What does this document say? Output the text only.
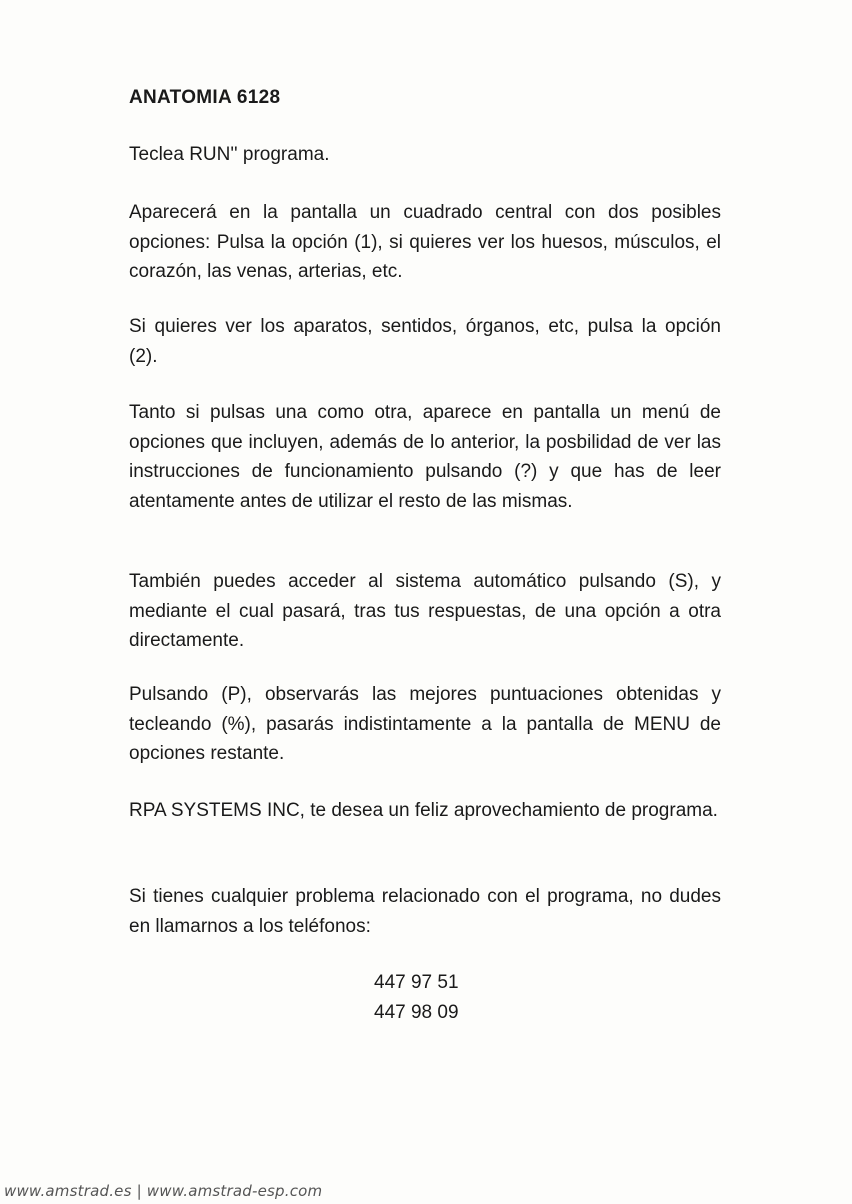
ANATOMIA 6128

Teclea RUN'' programa.

Aparecerá en la pantalla un cuadrado central con dos posibles opciones: Pulsa la opción (1), si quieres ver los huesos, músculos, el corazón, las venas, arterias, etc.

Si quieres ver los aparatos, sentidos, órganos, etc, pulsa la opción (2).

Tanto si pulsas una como otra, aparece en pantalla un menú de opciones que incluyen, además de lo anterior, la posbilidad de ver las instrucciones de funcionamiento pulsando (?) y que has de leer atentamente antes de utilizar el resto de las mismas.

También puedes acceder al sistema automático pulsando (S), y mediante el cual pasará, tras tus respuestas, de una opción a otra directamente.

Pulsando (P), observarás las mejores puntuaciones obtenidas y tecleando (%), pasarás indistintamente a la pantalla de MENU de opciones restante.

RPA SYSTEMS INC, te desea un feliz aprovechamiento de programa.

Si tienes cualquier problema relacionado con el programa, no dudes en llamarnos a los teléfonos:

447 97 51
447 98 09
www.amstrad.es | www.amstrad-esp.com
